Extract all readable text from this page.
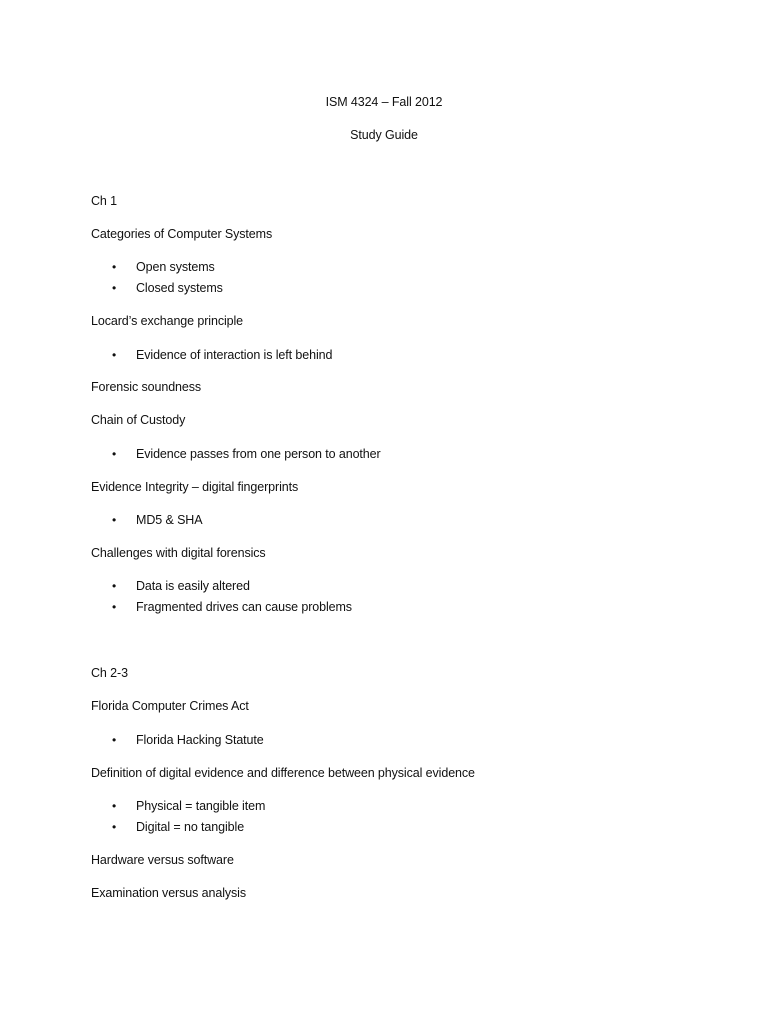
ISM 4324 – Fall 2012
Study Guide
Ch 1
Categories of Computer Systems
• Open systems
• Closed systems
Locard’s exchange principle
• Evidence of interaction is left behind
Forensic soundness
Chain of Custody
• Evidence passes from one person to another
Evidence Integrity – digital fingerprints
• MD5 & SHA
Challenges with digital forensics
• Data is easily altered
• Fragmented drives can cause problems
Ch 2-3
Florida Computer Crimes Act
• Florida Hacking Statute
Definition of digital evidence and difference between physical evidence
• Physical = tangible item
• Digital = no tangible
Hardware versus software
Examination versus analysis
